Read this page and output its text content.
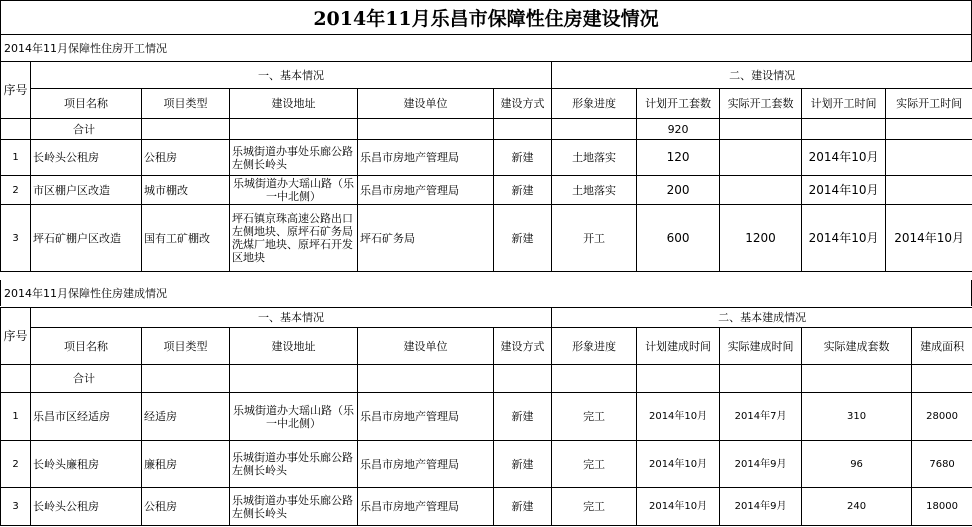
2014年11月乐昌市保障性住房建设情况
2014年11月保障性住房开工情况
序号	一、基本情况					二、建设情况				
	项目名称	项目类型	建设地址	建设单位	建设方式	形象进度	计划开工套数	实际开工套数	计划开工时间	实际开工时间
	合计						920			
1	长岭头公租房	公租房	乐城街道办事处乐廊公路左侧长岭头	乐昌市房地产管理局	新建	土地落实	120		2014年10月	
2	市区棚户区改造	城市棚改	乐城街道办大瑶山路（乐一中北侧）	乐昌市房地产管理局	新建	土地落实	200		2014年10月	
3	坪石矿棚户区改造	国有工矿棚改	坪石镇京珠高速公路出口左侧地块、原坪石矿务局洗煤厂地块、原坪石开发区地块	坪石矿务局	新建	开工	600	1200	2014年10月	2014年10月
2014年11月保障性住房建成情况
序号	一、基本情况					二、基本建成情况				
	项目名称	项目类型	建设地址	建设单位	建设方式	形象进度	计划建成时间	实际建成时间	实际建成套数	建成面积
	合计									
1	乐昌市区经适房	经适房	乐城街道办大瑶山路（乐一中北侧）	乐昌市房地产管理局	新建	完工	2014年10月	2014年7月	310	28000
2	长岭头廉租房	廉租房	乐城街道办事处乐廊公路左侧长岭头	乐昌市房地产管理局	新建	完工	2014年10月	2014年9月	96	7680
3	长岭头公租房	公租房	乐城街道办事处乐廊公路左侧长岭头	乐昌市房地产管理局	新建	完工	2014年10月	2014年9月	240	18000
